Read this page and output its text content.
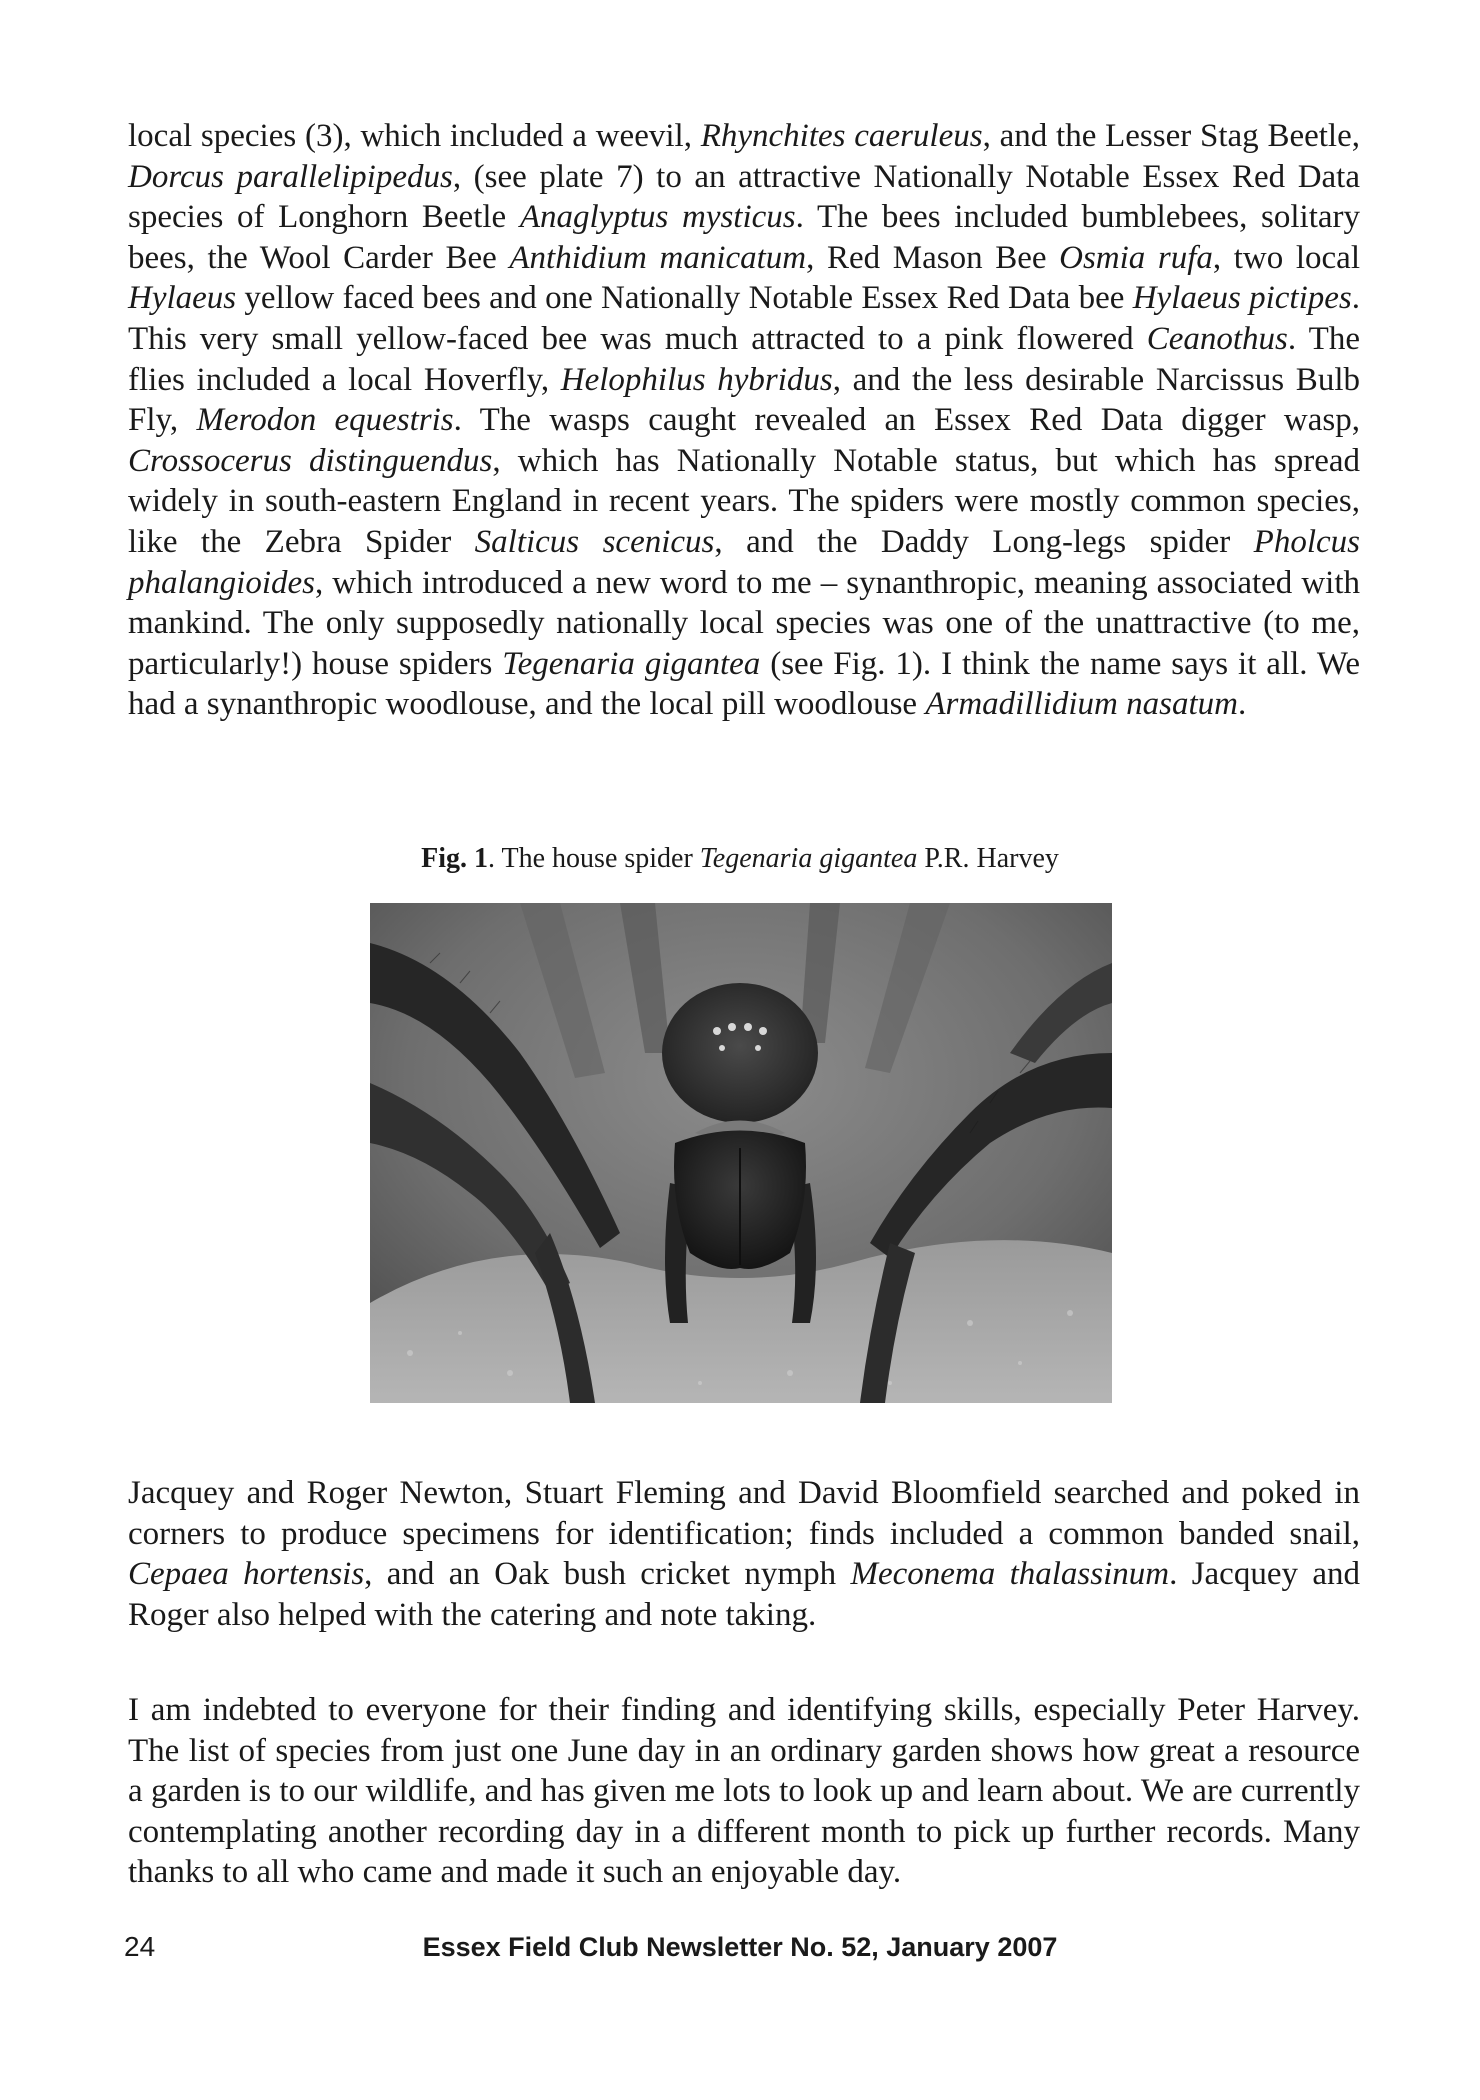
local species (3), which included a weevil, Rhynchites caeruleus, and the Lesser Stag Beetle, Dorcus parallelipipedus, (see plate 7) to an attractive Nationally Notable Essex Red Data species of Longhorn Beetle Anaglyptus mysticus. The bees included bumblebees, solitary bees, the Wool Carder Bee Anthidium manicatum, Red Mason Bee Osmia rufa, two local Hylaeus yellow faced bees and one Nationally Notable Essex Red Data bee Hylaeus pictipes. This very small yellow-faced bee was much attracted to a pink flowered Ceanothus. The flies included a local Hoverfly, Helophilus hybridus, and the less desirable Narcissus Bulb Fly, Merodon equestris. The wasps caught revealed an Essex Red Data digger wasp, Crossocerus distinguendus, which has Nationally Notable status, but which has spread widely in south-eastern England in recent years. The spiders were mostly common species, like the Zebra Spider Salticus scenicus, and the Daddy Long-legs spider Pholcus phalangioides, which introduced a new word to me – synanthropic, meaning associated with mankind. The only supposedly nationally local species was one of the unattractive (to me, particularly!) house spiders Tegenaria gigantea (see Fig. 1). I think the name says it all. We had a synanthropic woodlouse, and the local pill woodlouse Armadillidium nasatum.

Fig. 1. The house spider Tegenaria gigantea P.R. Harvey

Jacquey and Roger Newton, Stuart Fleming and David Bloomfield searched and poked in corners to produce specimens for identification; finds included a common banded snail, Cepaea hortensis, and an Oak bush cricket nymph Meconema thalassinum. Jacquey and Roger also helped with the catering and note taking.

I am indebted to everyone for their finding and identifying skills, especially Peter Harvey. The list of species from just one June day in an ordinary garden shows how great a resource a garden is to our wildlife, and has given me lots to look up and learn about. We are currently contemplating another recording day in a different month to pick up further records. Many thanks to all who came and made it such an enjoyable day.

24	Essex Field Club Newsletter No. 52, January 2007
